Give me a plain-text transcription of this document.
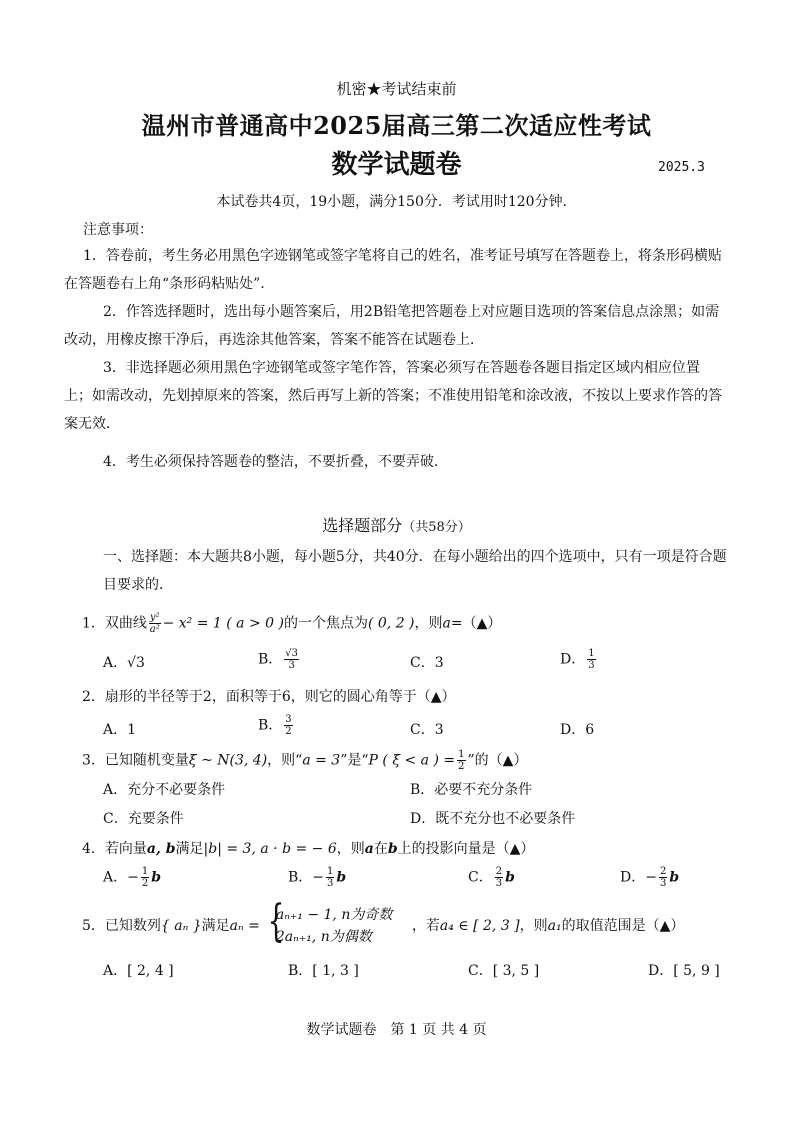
机密★考试结束前
温州市普通高中2025届高三第二次适应性考试
数学试题卷	2025.3
本试卷共4页，19小题，满分150分．考试用时120分钟．
注意事项：
1．答卷前，考生务必用黑色字迹钢笔或签字笔将自己的姓名，准考证号填写在答题卷上，将条形码横贴在答题卷右上角“条形码粘贴处”．
2．作答选择题时，选出每小题答案后，用2B铅笔把答题卷上对应题目选项的答案信息点涂黑；如需改动，用橡皮擦干净后，再选涂其他答案，答案不能答在试题卷上．
3．非选择题必须用黑色字迹钢笔或签字笔作答，答案必须写在答题卷各题目指定区域内相应位置上；如需改动，先划掉原来的答案，然后再写上新的答案；不准使用铅笔和涂改液，不按以上要求作答的答案无效．
4．考生必须保持答题卷的整洁，不要折叠，不要弄破．
选择题部分（共58分）
一、选择题：本大题共8小题，每小题5分，共40分．在每小题给出的四个选项中，只有一项是符合题目要求的．
1．双曲线 $\frac{\text{y²}}{\text{a²}} - x^2 = 1$ ( a > 0 )的一个焦点为( 0, 2 )，则a=（▲）
A．√3	B． $\frac{√3}{3}$	C．3	D． $\frac{1}{3}$
2．扇形的半径等于2，面积等于6，则它的圆心角等于（▲）
A．1	B． $\frac{3}{2}$	C．3	D．6
3．已知随机变量ξ ~ N(3, 4)，则“a = 3”是“P ( ξ < a ) = $\frac{1}{2}$ ”的（▲）
A．充分不必要条件	B．必要不充分条件
C．充要条件	D．既不充分也不必要条件
4．若向量a, b满足|b| = 3, a · b = − 6，则a在b上的投影向量是（▲）
A．− $\frac{1}{2}$ b	B．− $\frac{1}{3}$ b	C． $\frac{2}{3}$ b	D．− $\frac{2}{3}$ b
5．已知数列{ aₙ }满足aₙ = {
aₙ₊₁ − 1, n为奇数
2aₙ₊₁, n为偶数
，若a₄ ∈ [ 2, 3 ]，则a₁的取值范围是（▲）
A．[ 2, 4 ]	B．[ 1, 3 ]	C．[ 3, 5 ]	D．[ 5, 9 ]
数学试题卷　第 1 页 共 4 页
